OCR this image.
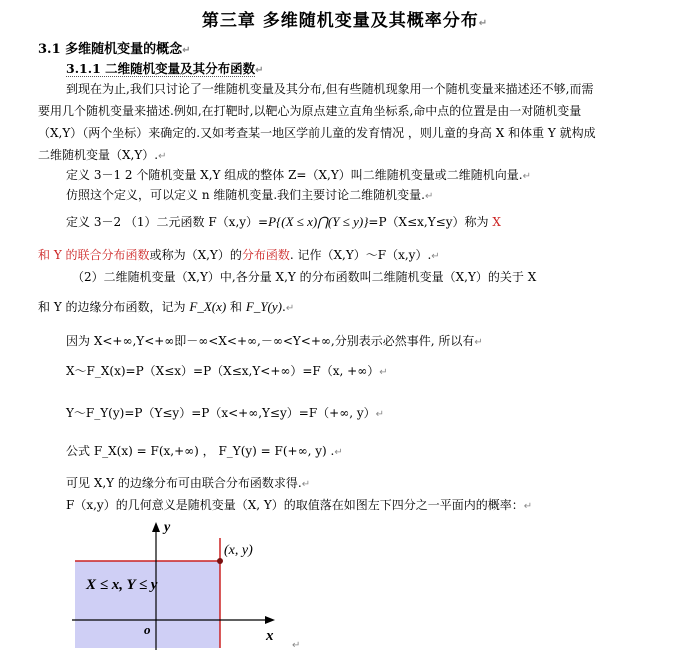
第三章 多维随机变量及其概率分布↵
3.1 多维随机变量的概念↵
3.1.1 二维随机变量及其分布函数↵
到现在为止,我们只讨论了一维随机变量及其分布,但有些随机现象用一个随机变量来描述还不够,而需要用几个随机变量来描述.例如,在打靶时,以靶心为原点建立直角坐标系,命中点的位置是由一对随机变量（X,Y）（两个坐标）来确定的.又如考查某一地区学前儿童的发育情况 ，则儿童的身高 X 和体重 Y 就构成二维随机变量（X,Y）.↵
定义 3－1 2 个随机变量 X,Y 组成的整体 Z=（X,Y）叫二维随机变量或二维随机向量.↵
仿照这个定义，可以定义 n 维随机变量.我们主要讨论二维随机变量.↵
定义 3－2 （1）二元函数 F（x,y）=P{(X ≤ x)⋂(Y ≤ y)}=P（X≤x,Y≤y）称为 X
和 Y 的联合分布函数或称为（X,Y）的分布函数. 记作（X,Y）～F（x,y）.↵
（2）二维随机变量（X,Y）中,各分量 X,Y 的分布函数叫二维随机变量（X,Y）的关于 X
和 Y 的边缘分布函数，记为 F_X(x) 和 F_Y(y).↵
因为 X<+∞,Y<+∞即－∞<X<+∞,－∞<Y<+∞,分别表示必然事件, 所以有↵
X～F_X(x)=P（X≤x）=P（X≤x,Y<+∞）=F（x, +∞）↵
Y～F_Y(y)=P（Y≤y）=P（x<+∞,Y≤y）=F（+∞, y）↵
公式 F_X(x) = F(x,+∞) ， F_Y(y) = F(+∞, y) .↵
可见 X,Y 的边缘分布可由联合分布函数求得.↵
F（x,y）的几何意义是随机变量（X, Y）的取值落在如图左下四分之一平面内的概率：↵
y
x
o
(x, y)
X ≤ x, Y ≤ y
↵
